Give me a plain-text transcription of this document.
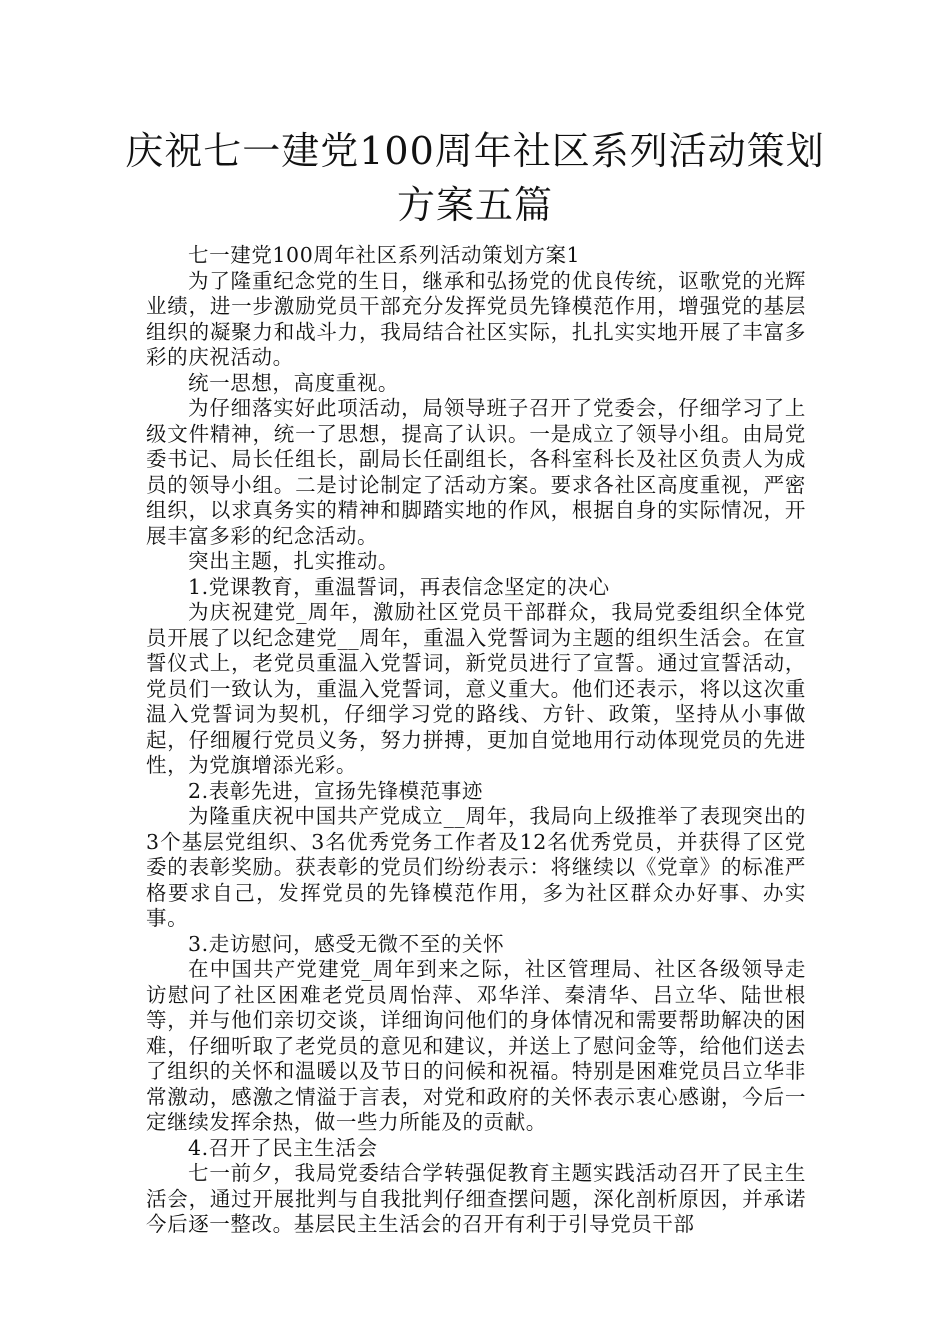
庆祝七一建党100周年社区系列活动策划
方案五篇

七一建党100周年社区系列活动策划方案1

为了隆重纪念党的生日，继承和弘扬党的优良传统，讴歌党的光辉业绩，进一步激励党员干部充分发挥党员先锋模范作用，增强党的基层组织的凝聚力和战斗力，我局结合社区实际，扎扎实实地开展了丰富多彩的庆祝活动。

统一思想，高度重视。

为仔细落实好此项活动，局领导班子召开了党委会，仔细学习了上级文件精神，统一了思想，提高了认识。一是成立了领导小组。由局党委书记、局长任组长，副局长任副组长，各科室科长及社区负责人为成员的领导小组。二是讨论制定了活动方案。要求各社区高度重视，严密组织，以求真务实的精神和脚踏实地的作风，根据自身的实际情况，开展丰富多彩的纪念活动。

突出主题，扎实推动。

1.党课教育，重温誓词，再表信念坚定的决心

为庆祝建党_周年，激励社区党员干部群众，我局党委组织全体党员开展了以纪念建党__周年，重温入党誓词为主题的组织生活会。在宣誓仪式上，老党员重温入党誓词，新党员进行了宣誓。通过宣誓活动，党员们一致认为，重温入党誓词，意义重大。他们还表示，将以这次重温入党誓词为契机，仔细学习党的路线、方针、政策，坚持从小事做起，仔细履行党员义务，努力拼搏，更加自觉地用行动体现党员的先进性，为党旗增添光彩。

2.表彰先进，宣扬先锋模范事迹

为隆重庆祝中国共产党成立__周年，我局向上级推举了表现突出的3个基层党组织、3名优秀党务工作者及12名优秀党员，并获得了区党委的表彰奖励。获表彰的党员们纷纷表示：将继续以《党章》的标准严格要求自己，发挥党员的先锋模范作用，多为社区群众办好事、办实事。

3.走访慰问，感受无微不至的关怀

在中国共产党建党_周年到来之际，社区管理局、社区各级领导走访慰问了社区困难老党员周怡萍、邓华洋、秦清华、吕立华、陆世根等，并与他们亲切交谈，详细询问他们的身体情况和需要帮助解决的困难，仔细听取了老党员的意见和建议，并送上了慰问金等，给他们送去了组织的关怀和温暖以及节日的问候和祝福。特别是困难党员吕立华非常激动，感激之情溢于言表，对党和政府的关怀表示衷心感谢，今后一定继续发挥余热，做一些力所能及的贡献。

4.召开了民主生活会

七一前夕，我局党委结合学转强促教育主题实践活动召开了民主生活会，通过开展批判与自我批判仔细查摆问题，深化剖析原因，并承诺今后逐一整改。基层民主生活会的召开有利于引导党员干部
